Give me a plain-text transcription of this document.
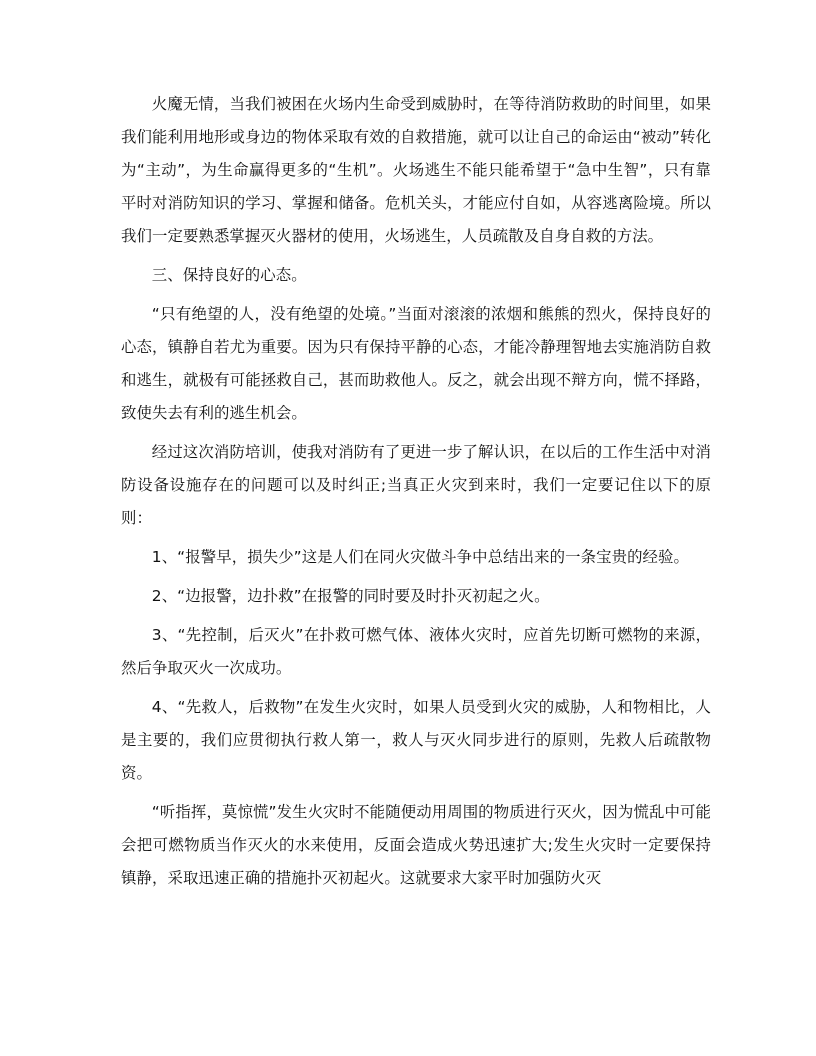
火魔无情，当我们被困在火场内生命受到威胁时，在等待消防救助的时间里，如果我们能利用地形或身边的物体采取有效的自救措施，就可以让自己的命运由“被动”转化为“主动”，为生命赢得更多的“生机”。火场逃生不能只能希望于“急中生智”，只有靠平时对消防知识的学习、掌握和储备。危机关头，才能应付自如，从容逃离险境。所以我们一定要熟悉掌握灭火器材的使用，火场逃生，人员疏散及自身自救的方法。

三、保持良好的心态。

“只有绝望的人，没有绝望的处境。”当面对滚滚的浓烟和熊熊的烈火，保持良好的心态，镇静自若尤为重要。因为只有保持平静的心态，才能冷静理智地去实施消防自救和逃生，就极有可能拯救自己，甚而助救他人。反之，就会出现不辩方向，慌不择路，致使失去有利的逃生机会。

经过这次消防培训，使我对消防有了更进一步了解认识，在以后的工作生活中对消防设备设施存在的问题可以及时纠正;当真正火灾到来时，我们一定要记住以下的原则：

1、“报警早，损失少”这是人们在同火灾做斗争中总结出来的一条宝贵的经验。

2、“边报警，边扑救”在报警的同时要及时扑灭初起之火。

3、“先控制，后灭火”在扑救可燃气体、液体火灾时，应首先切断可燃物的来源，然后争取灭火一次成功。

4、“先救人，后救物”在发生火灾时，如果人员受到火灾的威胁，人和物相比，人是主要的，我们应贯彻执行救人第一，救人与灭火同步进行的原则，先救人后疏散物资。

“听指挥，莫惊慌”发生火灾时不能随便动用周围的物质进行灭火，因为慌乱中可能会把可燃物质当作灭火的水来使用，反面会造成火势迅速扩大;发生火灾时一定要保持镇静，采取迅速正确的措施扑灭初起火。这就要求大家平时加强防火灭
